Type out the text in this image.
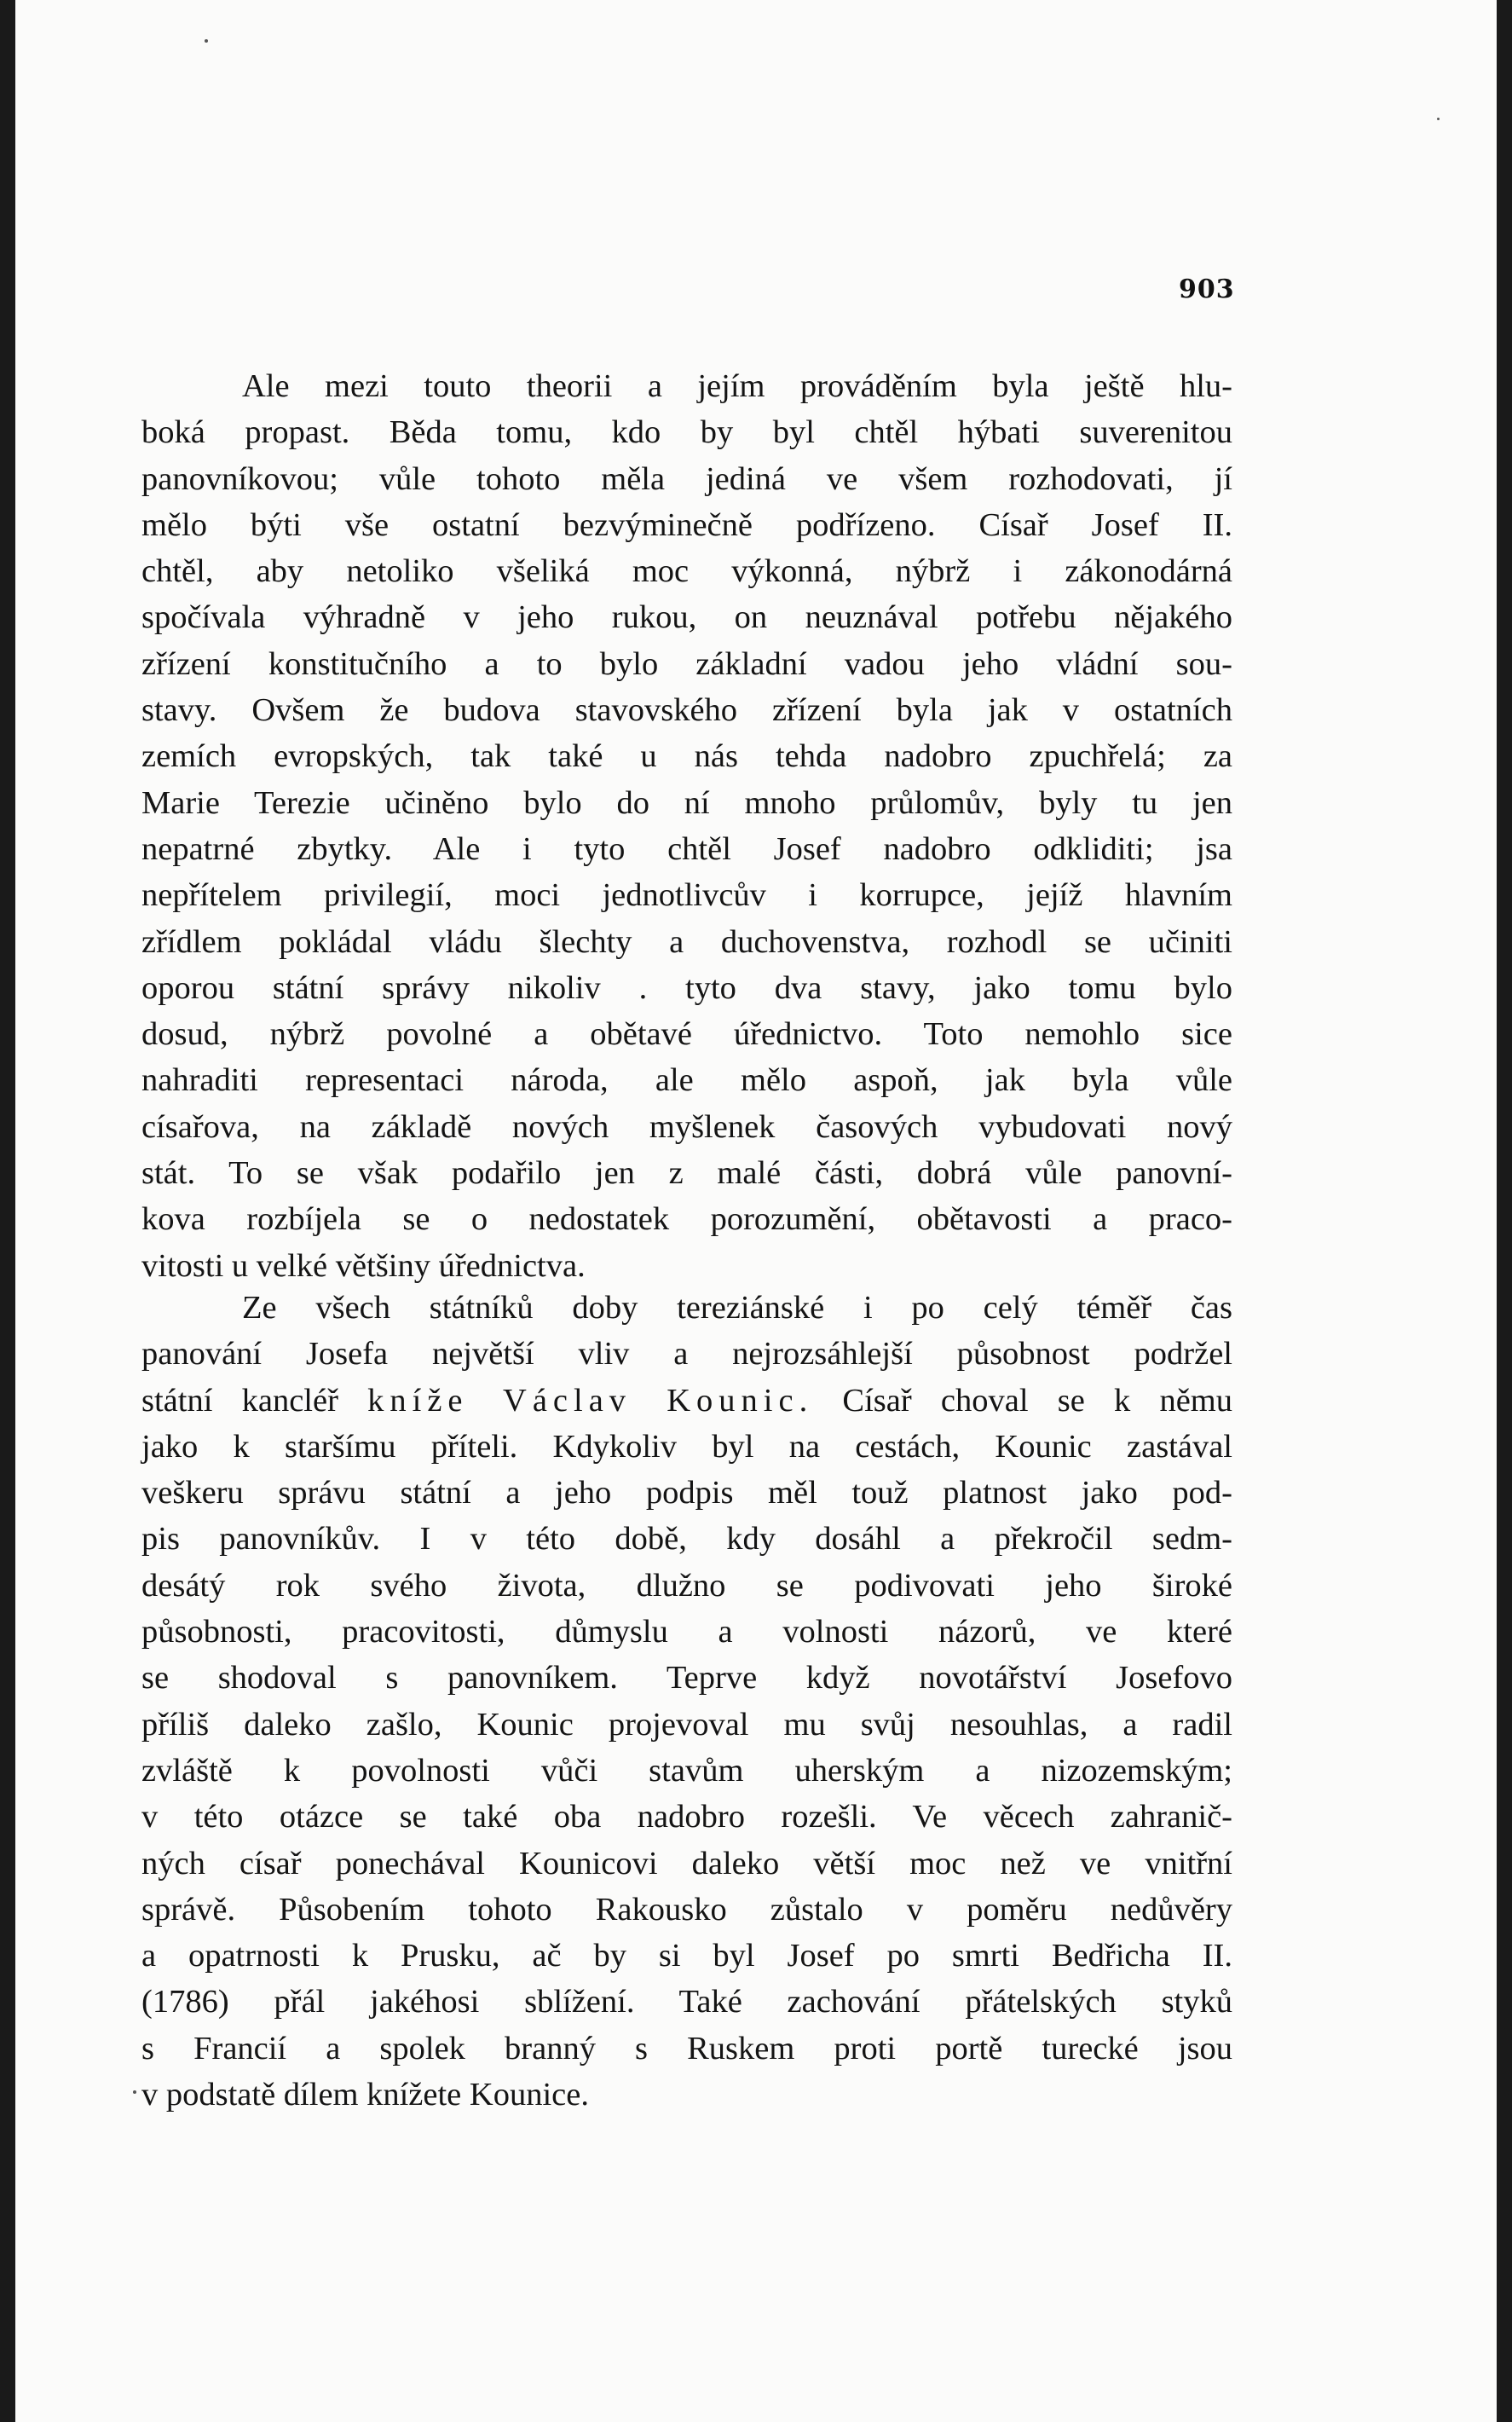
903
Ale mezi touto theorii a jejím prováděním byla ještě hlu-
boká propast. Běda tomu, kdo by byl chtěl hýbati suverenitou
panovníkovou; vůle tohoto měla jediná ve všem rozhodovati, jí
mělo býti vše ostatní bezvýminečně podřízeno. Císař Josef II.
chtěl, aby netoliko všeliká moc výkonná, nýbrž i zákonodárná
spočívala výhradně v jeho rukou, on neuznával potřebu nějakého
zřízení konstitučního a to bylo základní vadou jeho vládní sou-
stavy. Ovšem že budova stavovského zřízení byla jak v ostatních
zemích evropských, tak také u nás tehda nadobro zpuchřelá; za
Marie Terezie učiněno bylo do ní mnoho průlomův, byly tu jen
nepatrné zbytky. Ale i tyto chtěl Josef nadobro odkliditi; jsa
nepřítelem privilegií, moci jednotlivcův i korrupce, jejíž hlavním
zřídlem pokládal vládu šlechty a duchovenstva, rozhodl se učiniti
oporou státní správy nikoliv . tyto dva stavy, jako tomu bylo
dosud, nýbrž povolné a obětavé úřednictvo. Toto nemohlo sice
nahraditi representaci národa, ale mělo aspoň, jak byla vůle
císařova, na základě nových myšlenek časových vybudovati nový
stát. To se však podařilo jen z malé části, dobrá vůle panovní-
kova rozbíjela se o nedostatek porozumění, obětavosti a praco-
vitosti u velké většiny úřednictva.
Ze všech státníků doby tereziánské i po celý téměř čas
panování Josefa největší vliv a nejrozsáhlejší působnost podržel
státní kancléř kníže Václav Kounic. Císař choval se k němu
jako k staršímu příteli. Kdykoliv byl na cestách, Kounic zastával
veškeru správu státní a jeho podpis měl touž platnost jako pod-
pis panovníkův. I v této době, kdy dosáhl a překročil sedm-
desátý rok svého života, dlužno se podivovati jeho široké
působnosti, pracovitosti, důmyslu a volnosti názorů, ve které
se shodoval s panovníkem. Teprve když novotářství Josefovo
příliš daleko zašlo, Kounic projevoval mu svůj nesouhlas, a radil
zvláště k povolnosti vůči stavům uherským a nizozemským;
v této otázce se také oba nadobro rozešli. Ve věcech zahranič-
ných císař ponechával Kounicovi daleko větší moc než ve vnitřní
správě. Působením tohoto Rakousko zůstalo v poměru nedůvěry
a opatrnosti k Prusku, ač by si byl Josef po smrti Bedřicha II.
(1786) přál jakéhosi sblížení. Také zachování přátelských styků
s Francií a spolek branný s Ruskem proti portě turecké jsou
v podstatě dílem knížete Kounice.
